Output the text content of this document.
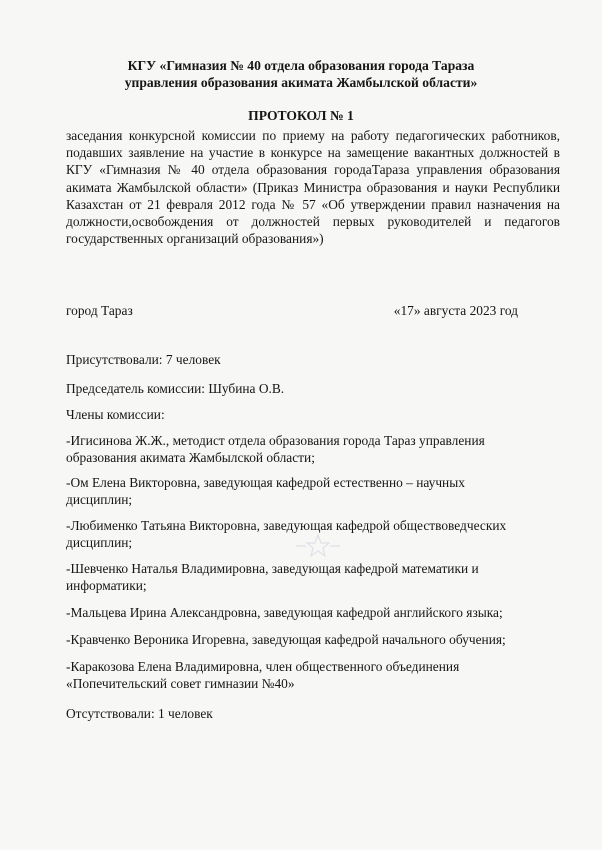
КГУ «Гимназия № 40 отдела образования города Тараза
управления образования акимата Жамбылской области»
ПРОТОКОЛ № 1
заседания конкурсной комиссии по приему на работу педагогических работников, подавших заявление на участие в конкурсе на замещение вакантных должностей в КГУ «Гимназия № 40 отдела образования городаТараза управления образования акимата Жамбылской области» (Приказ Министра образования и науки Республики Казахстан от 21 февраля 2012 года № 57 «Об утверждении правил назначения на должности,освобождения от должностей первых руководителей и педагогов государственных организаций образования»)
город Тараз	«17» августа 2023 год
Присутствовали: 7 человек
Председатель комиссии: Шубина О.В.
Члены комиссии:
-Игисинова Ж.Ж., методист отдела образования города Тараз управления
образования акимата Жамбылской области;
-Ом Елена Викторовна, заведующая кафедрой естественно – научных
дисциплин;
-Любименко Татьяна Викторовна, заведующая кафедрой обществоведческих
дисциплин;
-Шевченко Наталья Владимировна, заведующая кафедрой математики и
информатики;
-Мальцева Ирина Александровна, заведующая кафедрой английского языка;
-Кравченко Вероника Игоревна, заведующая кафедрой начального обучения;
-Каракозова Елена Владимировна, член общественного объединения
«Попечительский совет гимназии №40»
Отсутствовали: 1 человек
